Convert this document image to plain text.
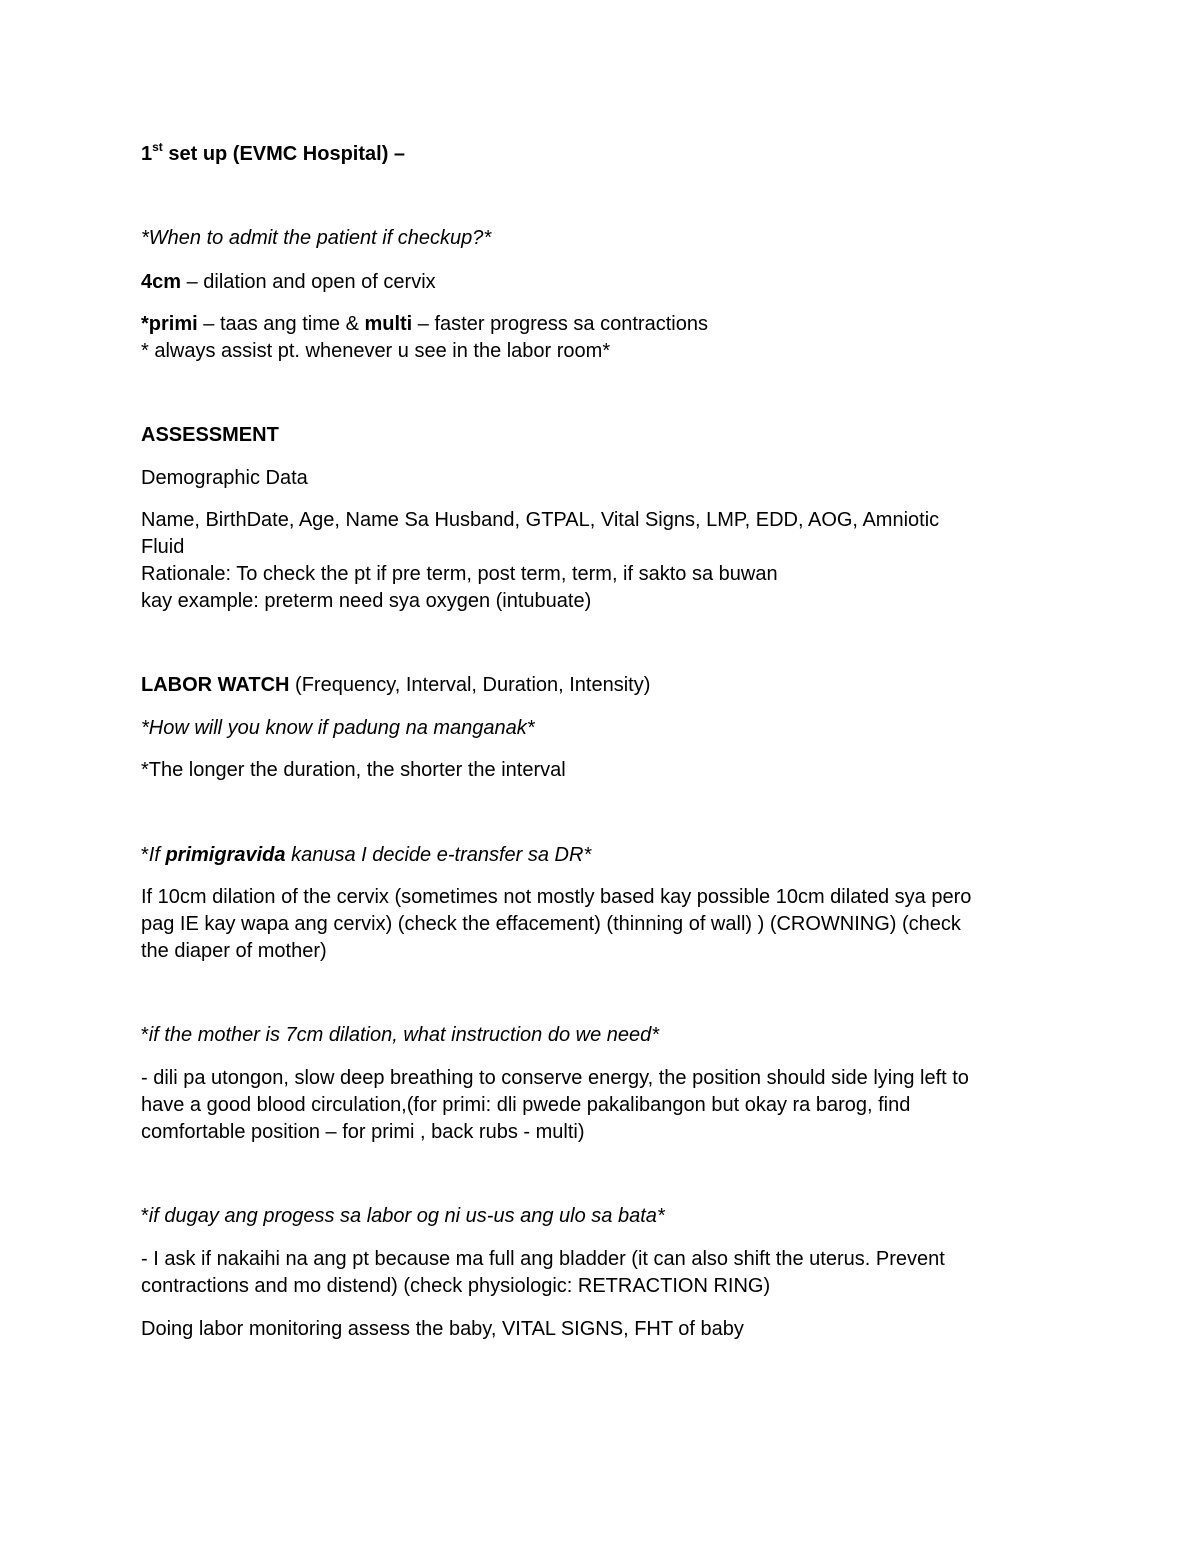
1st set up (EVMC Hospital) –
*When to admit the patient if checkup?*
4cm – dilation and open of cervix
*primi – taas ang time & multi – faster progress sa contractions
* always assist pt. whenever u see in the labor room*
ASSESSMENT
Demographic Data
Name, BirthDate, Age, Name Sa Husband, GTPAL, Vital Signs, LMP, EDD, AOG, Amniotic
Fluid
Rationale: To check the pt if pre term, post term, term, if sakto sa buwan
kay example: preterm need sya oxygen (intubuate)
LABOR WATCH (Frequency, Interval, Duration, Intensity)
*How will you know if padung na manganak*
*The longer the duration, the shorter the interval
*If primigravida kanusa I decide e-transfer sa DR*
If 10cm dilation of the cervix (sometimes not mostly based kay possible 10cm dilated sya pero
pag IE kay wapa ang cervix) (check the effacement) (thinning of wall) ) (CROWNING) (check
the diaper of mother)
*if the mother is 7cm dilation, what instruction do we need*
- dili pa utongon, slow deep breathing to conserve energy, the position should side lying left to
have a good blood circulation,(for primi: dli pwede pakalibangon but okay ra barog, find
comfortable position – for primi , back rubs - multi)
*if dugay ang progess sa labor og ni us-us ang ulo sa bata*
- I ask if nakaihi na ang pt because ma full ang bladder (it can also shift the uterus. Prevent
contractions and mo distend) (check physiologic: RETRACTION RING)
Doing labor monitoring assess the baby, VITAL SIGNS, FHT of baby
